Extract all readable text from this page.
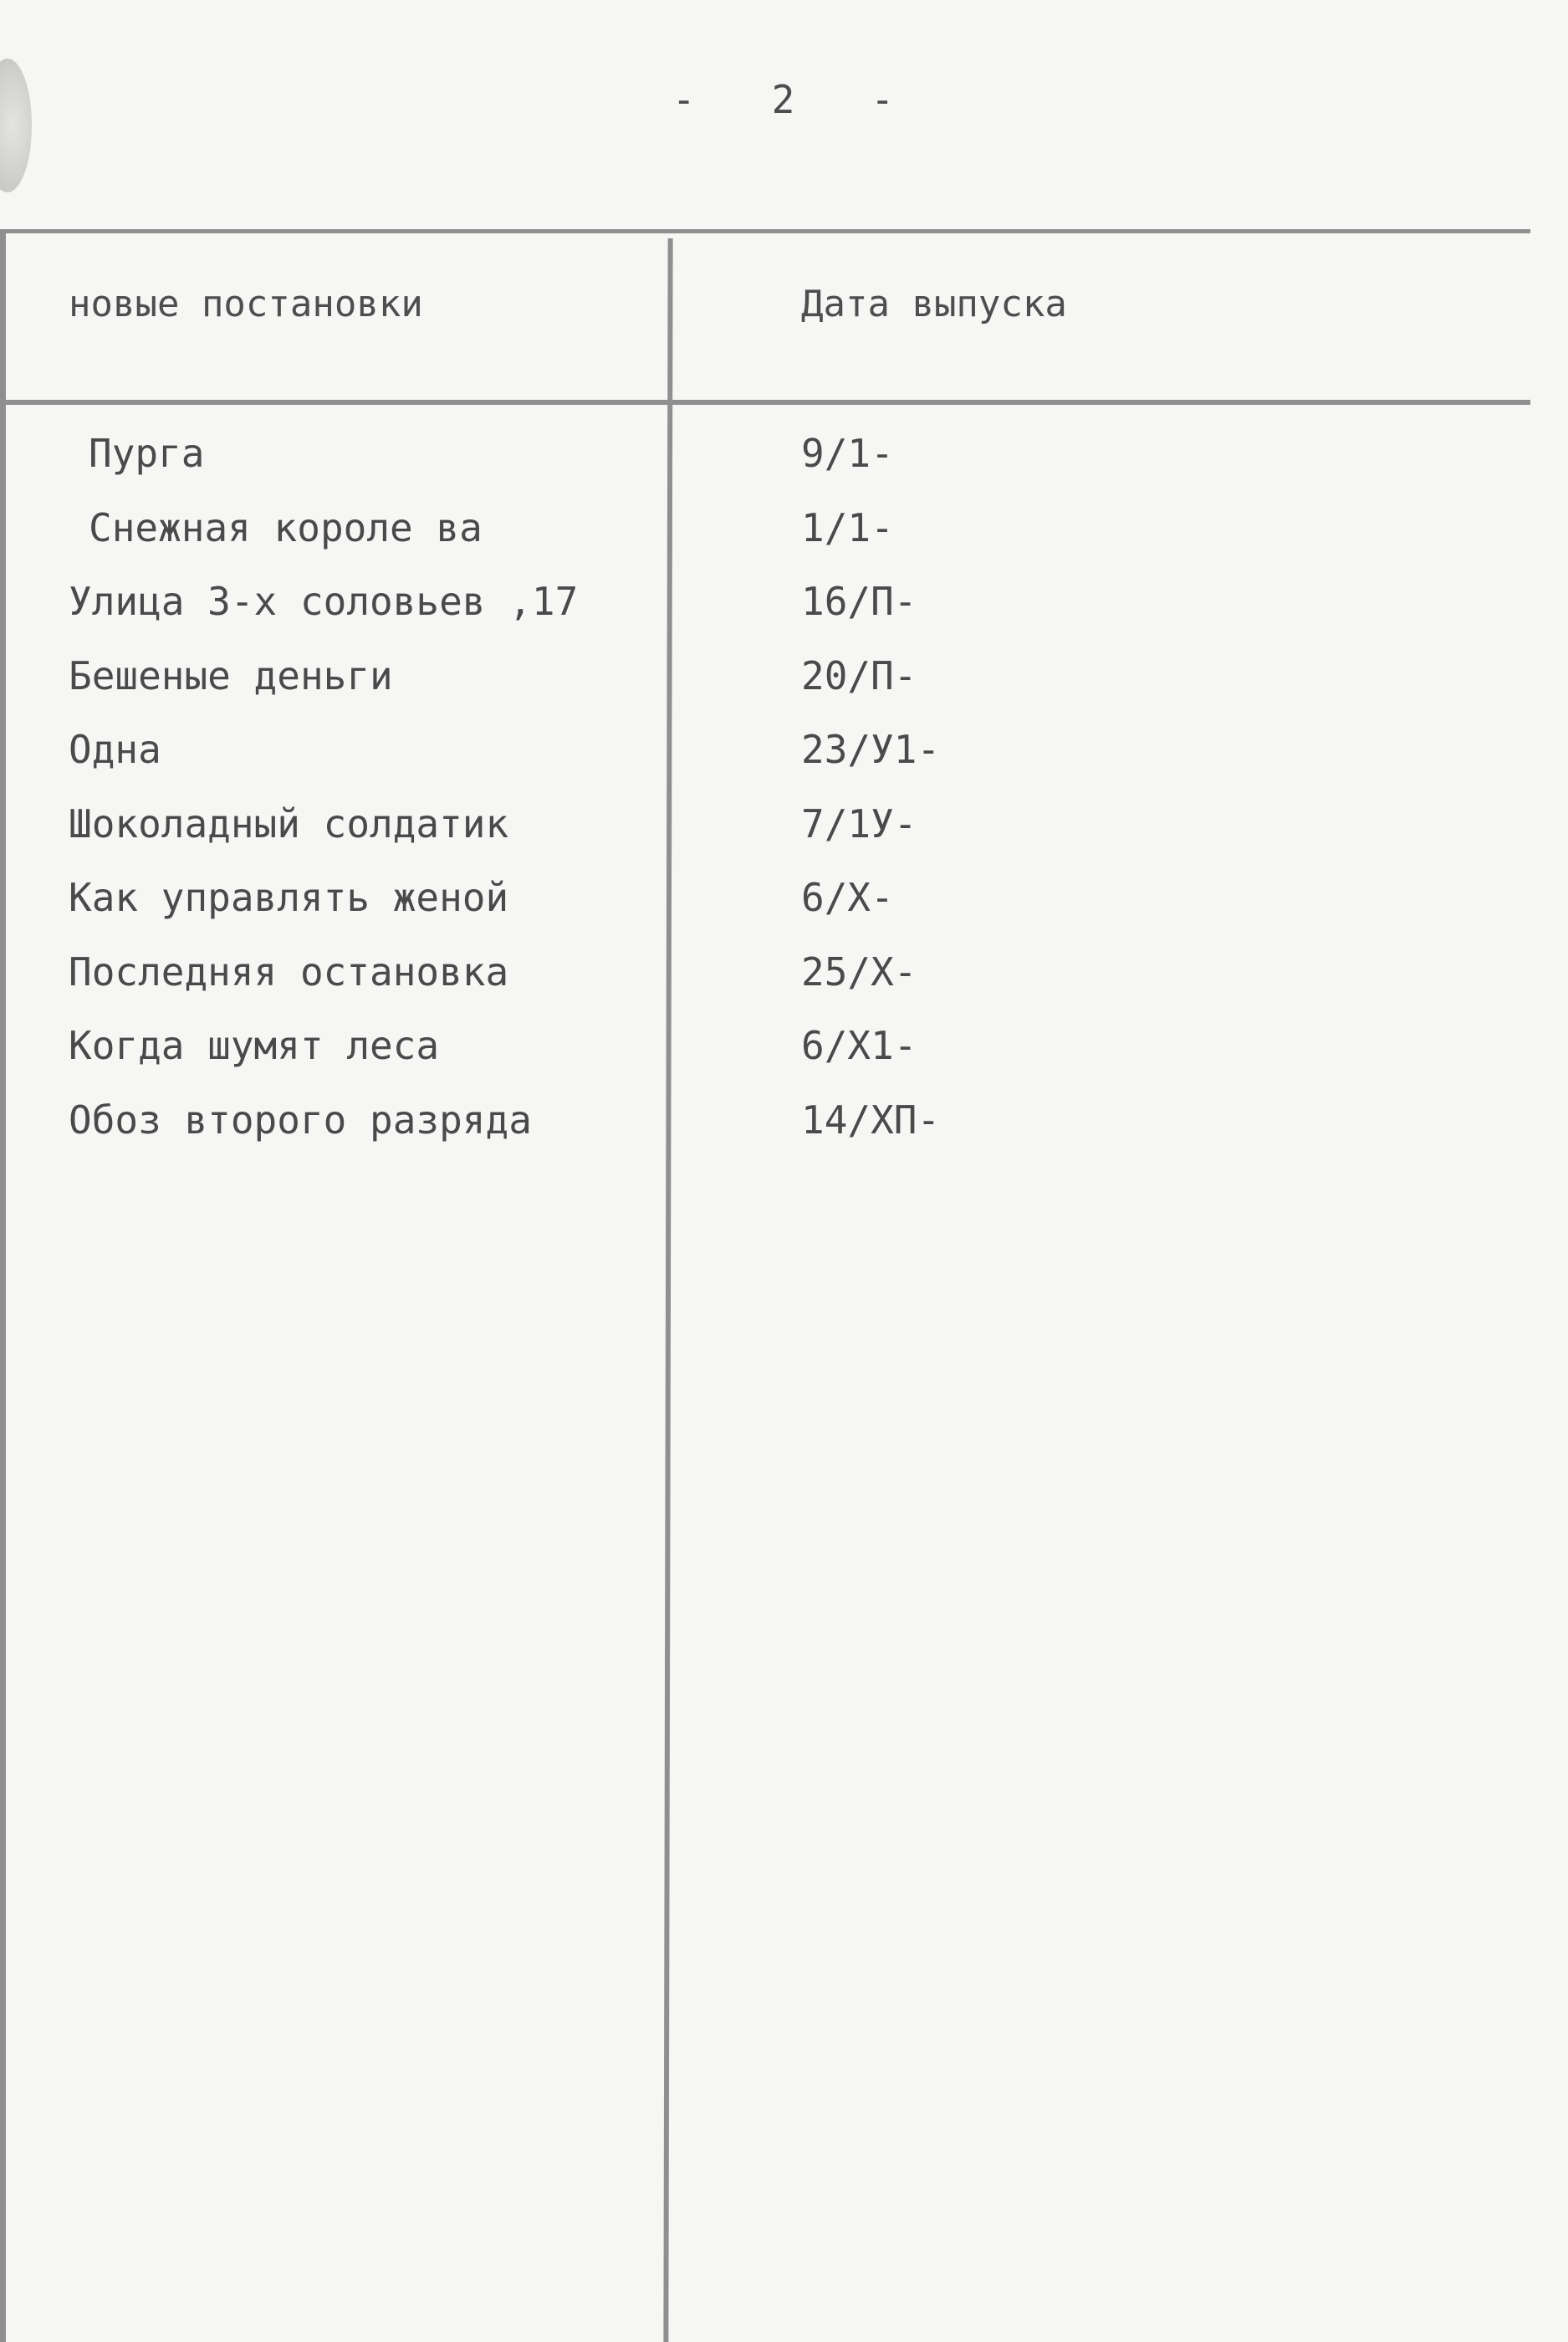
-   2   -
новые постановки	Дата выпуска
Пурга	9/1-
Снежная короле ва	1/1-
Улица 3-х соловьев ,17	16/П-
Бешеные деньги	20/П-
Одна	23/У1-
Шоколадный солдатик	7/1У-
Как управлять женой	6/Х-
Последняя остановка	25/Х-
Когда шумят леса	6/Х1-
Обоз второго разряда	14/ХП-
